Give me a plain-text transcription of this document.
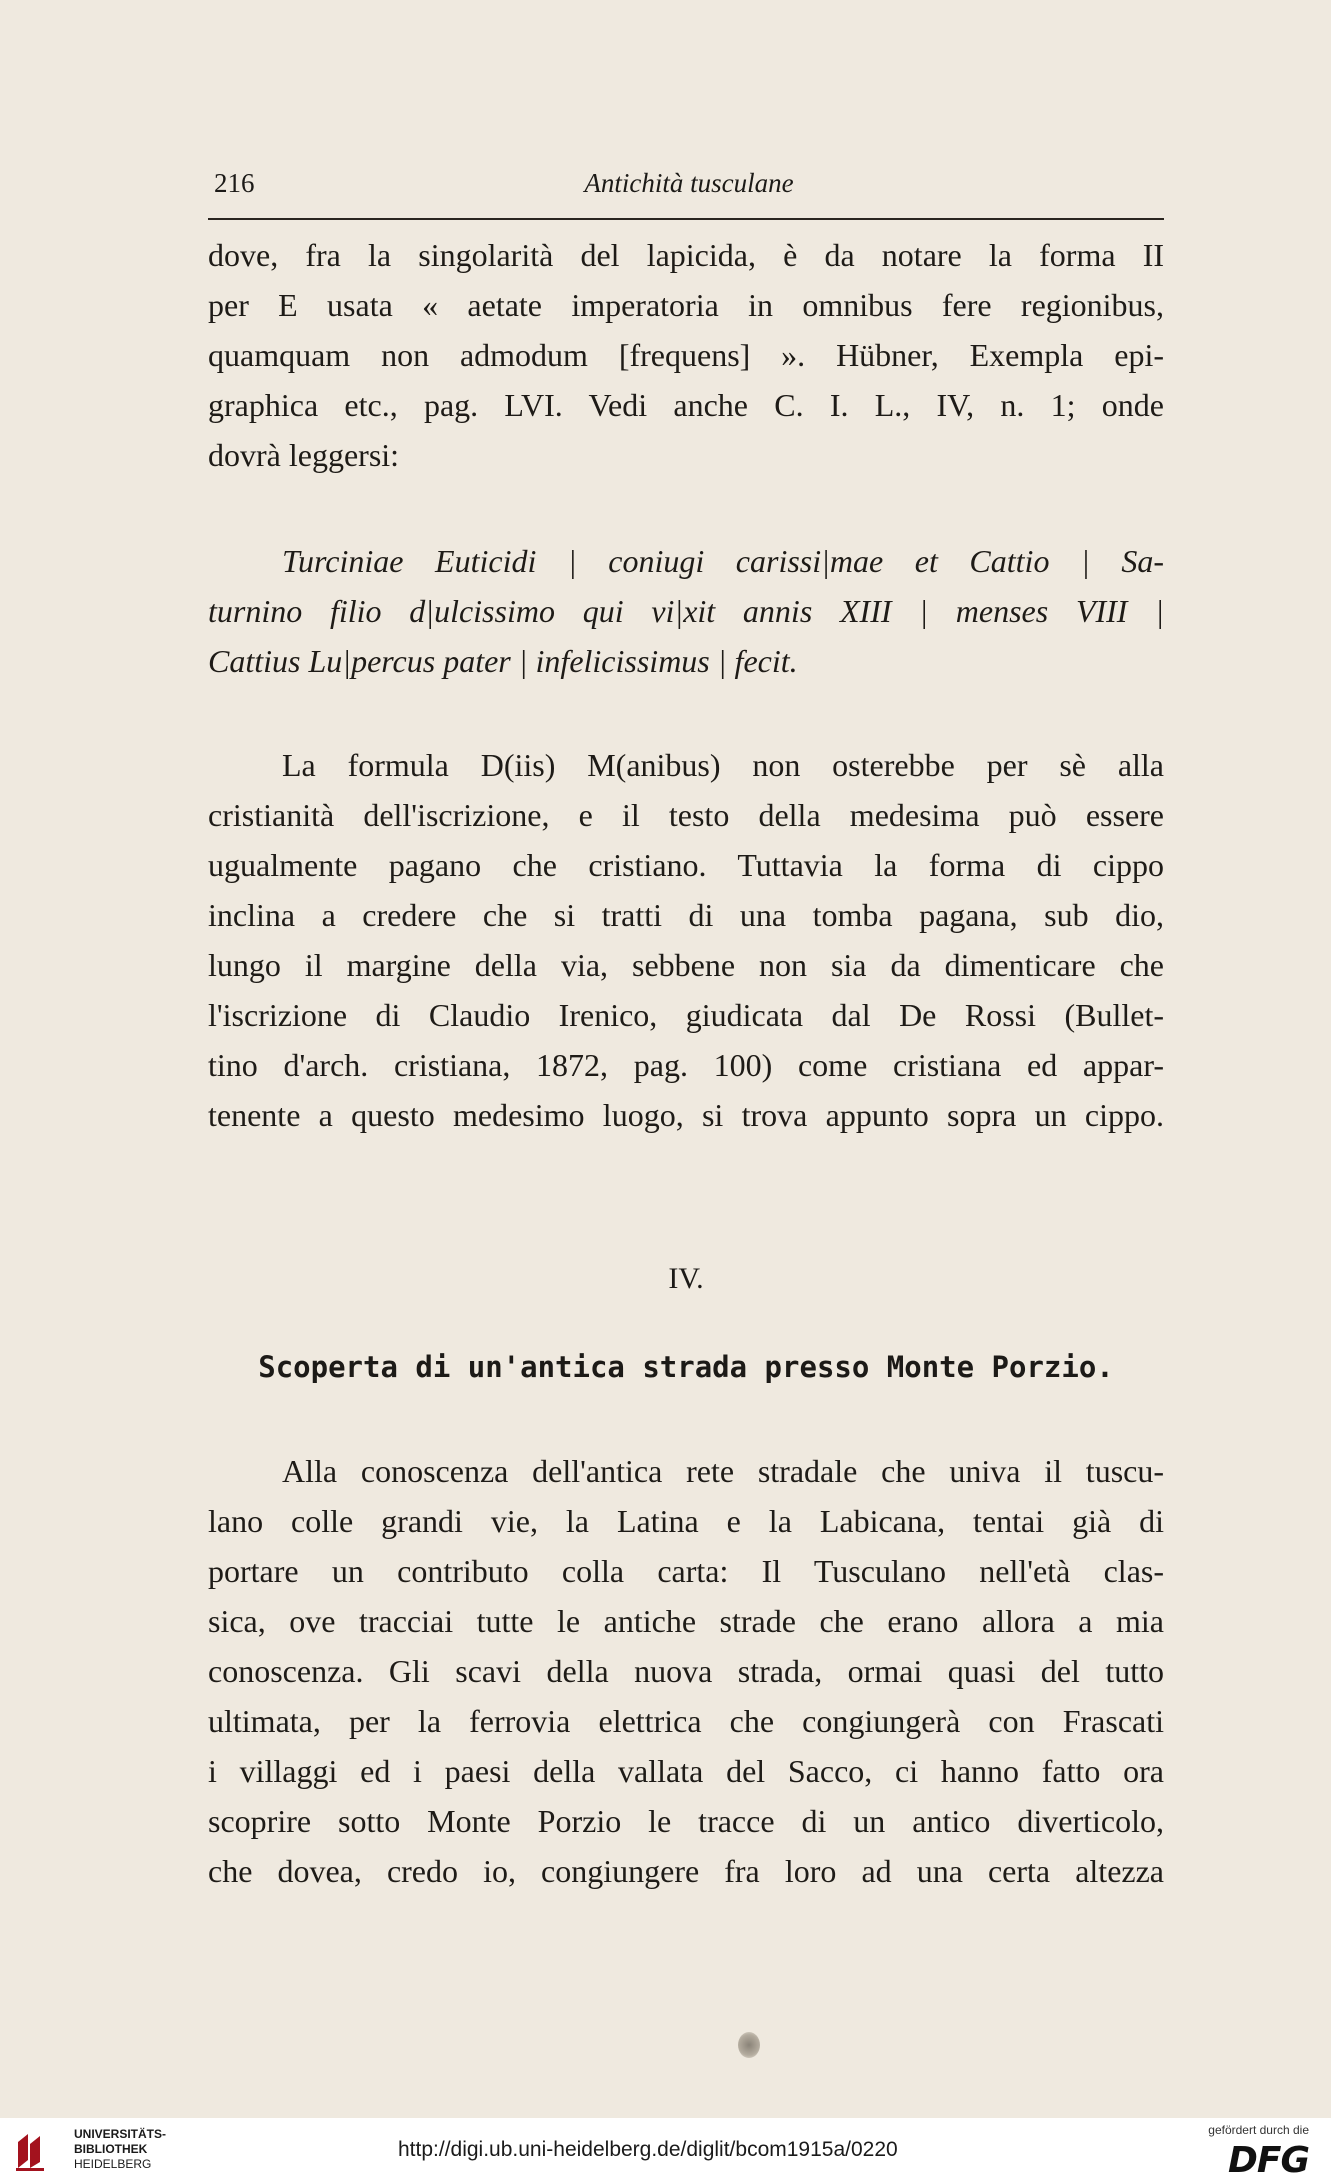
216	Antichità tusculane
dove, fra la singolarità del lapicida, è da notare la forma II
per E usata « aetate imperatoria in omnibus fere regionibus,
quamquam non admodum [frequens] ». Hübner, Exempla epi-
graphica etc., pag. LVI. Vedi anche C. I. L., IV, n. 1; onde
dovrà leggersi:
Turciniae Euticidi | coniugi carissi|mae et Cattio | Sa-
turnino filio d|ulcissimo qui vi|xit annis XIII | menses VIII |
Cattius Lu|percus pater | infelicissimus | fecit.
La formula D(iis) M(anibus) non osterebbe per sè alla
cristianità dell'iscrizione, e il testo della medesima può essere
ugualmente pagano che cristiano. Tuttavia la forma di cippo
inclina a credere che si tratti di una tomba pagana, sub dio,
lungo il margine della via, sebbene non sia da dimenticare che
l'iscrizione di Claudio Irenico, giudicata dal De Rossi (Bullet-
tino d'arch. cristiana, 1872, pag. 100) come cristiana ed appar-
tenente a questo medesimo luogo, si trova appunto sopra un cippo.
IV.
Scoperta di un'antica strada presso Monte Porzio.
Alla conoscenza dell'antica rete stradale che univa il tuscu-
lano colle grandi vie, la Latina e la Labicana, tentai già di
portare un contributo colla carta: Il Tusculano nell'età clas-
sica, ove tracciai tutte le antiche strade che erano allora a mia
conoscenza. Gli scavi della nuova strada, ormai quasi del tutto
ultimata, per la ferrovia elettrica che congiungerà con Frascati
i villaggi ed i paesi della vallata del Sacco, ci hanno fatto ora
scoprire sotto Monte Porzio le tracce di un antico diverticolo,
che dovea, credo io, congiungere fra loro ad una certa altezza
UNIVERSITÄTS-
BIBLIOTHEK
HEIDELBERG
http://digi.ub.uni-heidelberg.de/diglit/bcom1915a/0220
gefördert durch die
DFG
